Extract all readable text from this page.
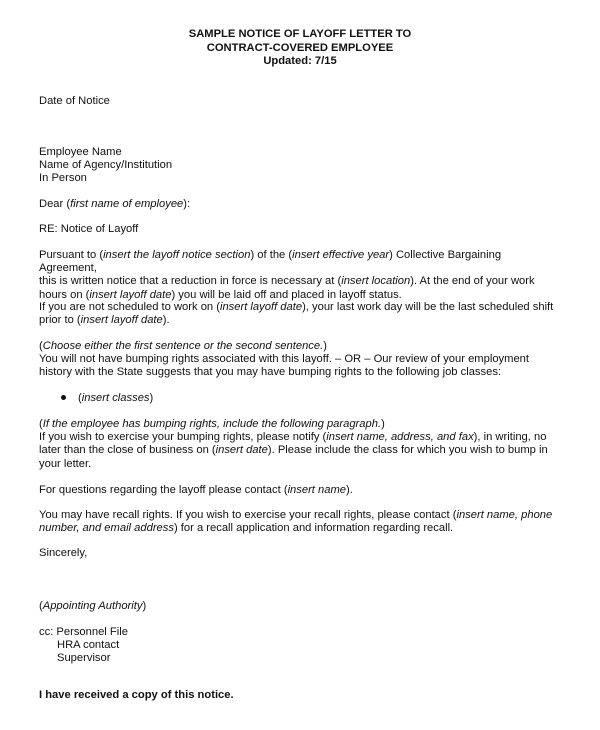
SAMPLE NOTICE OF LAYOFF LETTER TO
CONTRACT-COVERED EMPLOYEE
Updated: 7/15
Date of Notice
Employee Name
Name of Agency/Institution
In Person
Dear (first name of employee):
RE: Notice of Layoff
Pursuant to (insert the layoff notice section) of the (insert effective year) Collective Bargaining Agreement,
this is written notice that a reduction in force is necessary at (insert location). At the end of your work
hours on (insert layoff date) you will be laid off and placed in layoff status.
If you are not scheduled to work on (insert layoff date), your last work day will be the last scheduled shift
prior to (insert layoff date).
(Choose either the first sentence or the second sentence.)
You will not have bumping rights associated with this layoff. – OR – Our review of your employment
history with the State suggests that you may have bumping rights to the following job classes:
(insert classes)
(If the employee has bumping rights, include the following paragraph.)
If you wish to exercise your bumping rights, please notify (insert name, address, and fax), in writing, no
later than the close of business on (insert date). Please include the class for which you wish to bump in
your letter.
For questions regarding the layoff please contact (insert name).
You may have recall rights. If you wish to exercise your recall rights, please contact (insert name, phone
number, and email address) for a recall application and information regarding recall.
Sincerely,
(Appointing Authority)
cc: Personnel File
HRA contact
Supervisor
I have received a copy of this notice.
